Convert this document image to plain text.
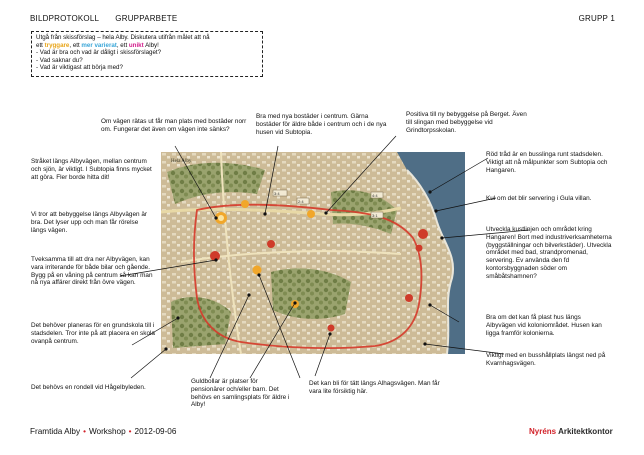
BILDPROTOKOLL GRUPPARBETE	GRUPP 1
Utgå från skissförslag – hela Alby. Diskutera utifrån målet att nå
ett tryggare, ett mer varierat, ett unikt Alby!
- Vad är bra och vad är dåligt i skissförslaget?
- Vad saknar du?
- Vad är viktigast att börja med?
Hela Alby
3:4
2:4
4:4
3:1
Om vägen rätas ut får man plats med bostäder norr om. Fungerar det även om vägen inte sänks?
Bra med nya bostäder i centrum. Gärna bostäder för äldre både i centrum och i de nya husen vid Subtopia.
Positiva till ny bebyggelse på Berget. Även till slingan med bebyggelse vid Grindtorpsskolan.
Stråket längs Albyvägen, mellan centrum och sjön, är viktigt. I Subtopia finns mycket att göra. Fler borde hitta dit!
Vi tror att bebyggelse längs Albyvägen är bra. Det lyser upp och man får rörelse längs vägen.
Tveksamma till att dra ner Albyvägen, kan vara irriterande för både bilar och gående. Bygg på en våning på centrum så kan man nå nya affärer direkt från övre vägen.
Det behöver planeras för en grundskola till i stadsdelen. Tror inte på att placera en skola ovanpå centrum.
Det behövs en rondell vid Hågelbyleden.
Röd tråd är en busslinga runt stadsdelen. Viktigt att nå målpunkter som Subtopia och Hangaren.
Kul om det blir servering i Gula villan.
Utveckla kustlinjen och området kring Hangaren! Bort med industriverksamheterna (byggställningar och bilverkstäder). Utveckla området med bad, strandpromenad, servering. Ev använda den fd kontorsbyggnaden söder om småbåtshamnen?
Bra om det kan få plast hus längs Albyvägen vid koloniområdet. Husen kan ligga framför kolonierna.
Viktigt med en busshållplats längst ned på Kvarnhagsvägen.
Guldbollar är platser för pensionärer och/eller barn. Det behövs en samlingsplats för äldre i Alby!
Det kan bli för tätt längs Alhagsvägen. Man får vara lite försiktig här.
Framtida Alby • Workshop • 2012-09-06	Nyréns Arkitektkontor
